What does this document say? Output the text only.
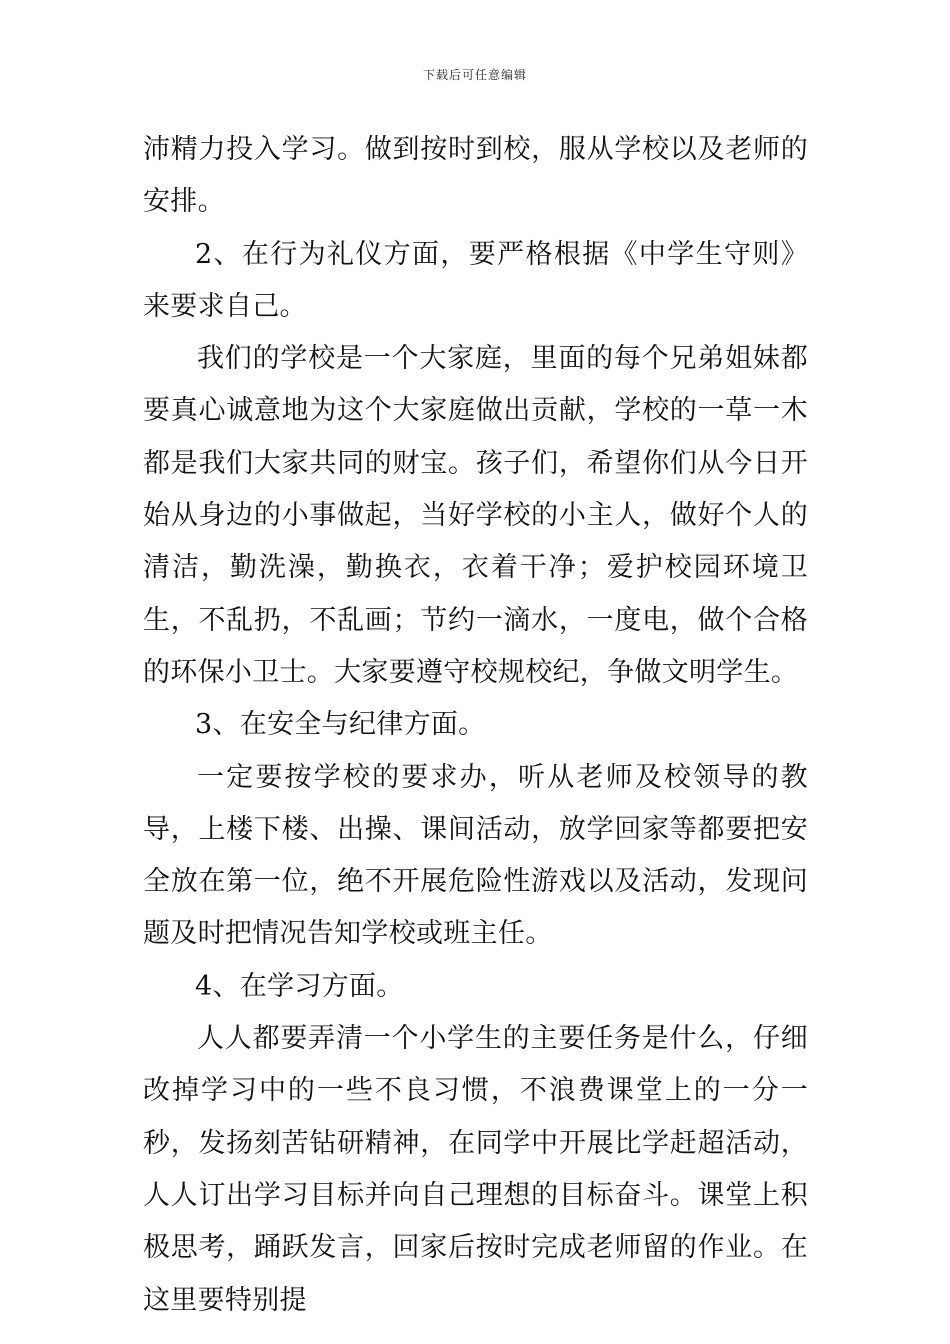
下载后可任意编辑

沛精力投入学习。做到按时到校，服从学校以及老师的安排。

2、在行为礼仪方面，要严格根据《中学生守则》来要求自己。

我们的学校是一个大家庭，里面的每个兄弟姐妹都要真心诚意地为这个大家庭做出贡献，学校的一草一木都是我们大家共同的财宝。孩子们，希望你们从今日开始从身边的小事做起，当好学校的小主人，做好个人的清洁，勤洗澡，勤换衣，衣着干净；爱护校园环境卫生，不乱扔，不乱画；节约一滴水，一度电，做个合格的环保小卫士。大家要遵守校规校纪，争做文明学生。

3、在安全与纪律方面。

一定要按学校的要求办，听从老师及校领导的教导，上楼下楼、出操、课间活动，放学回家等都要把安全放在第一位，绝不开展危险性游戏以及活动，发现问题及时把情况告知学校或班主任。

4、在学习方面。

人人都要弄清一个小学生的主要任务是什么，仔细改掉学习中的一些不良习惯，不浪费课堂上的一分一秒，发扬刻苦钻研精神，在同学中开展比学赶超活动，人人订出学习目标并向自己理想的目标奋斗。课堂上积极思考，踊跃发言，回家后按时完成老师留的作业。在这里要特别提
